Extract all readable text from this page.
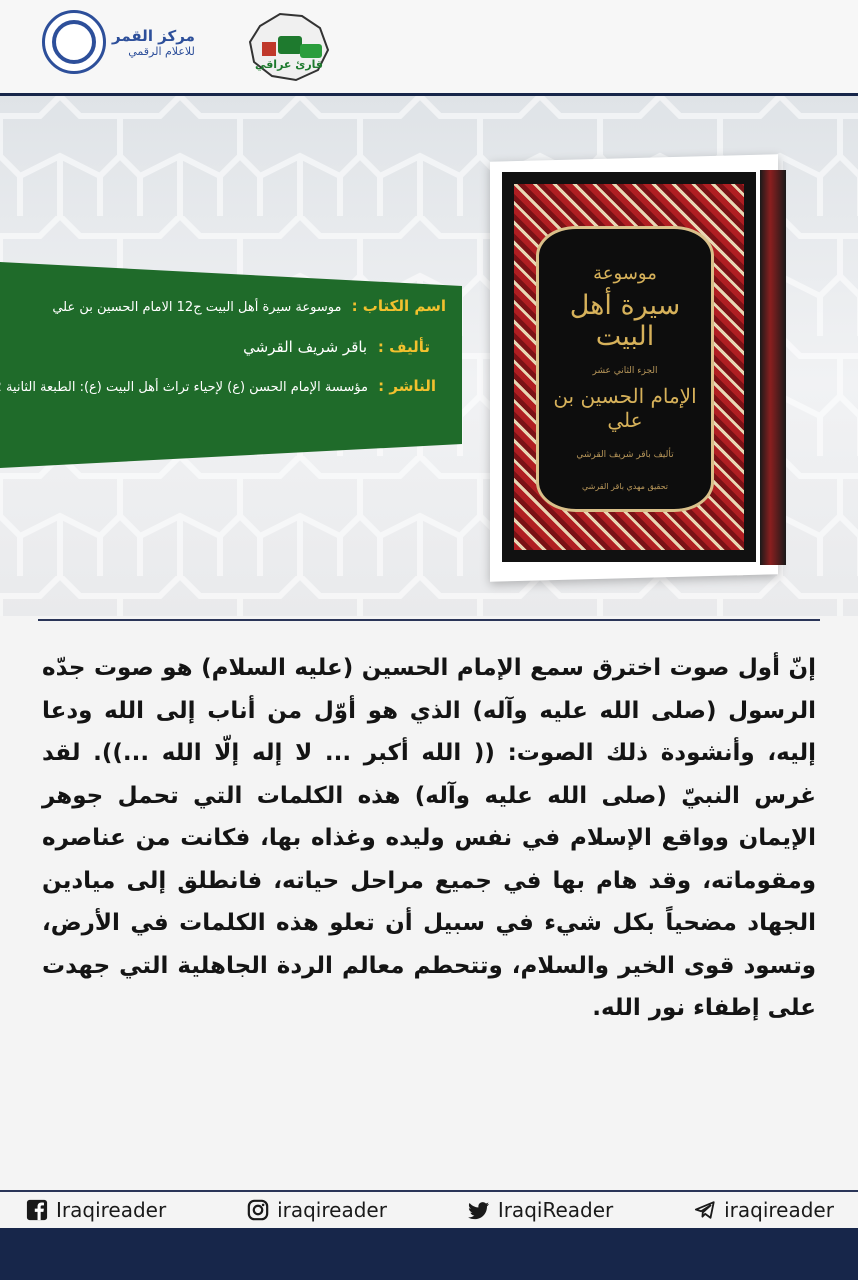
مركز القمر
للاعلام الرقمي
قارئ عراقي
اسم الكتاب : موسوعة سيرة أهل البيت ج12 الامام الحسين بن علي
تأليف : باقر شريف القرشي
الناشر : مؤسسة الإمام الحسن (ع) لإحياء تراث أهل البيت (ع): الطبعة الثانية
موسوعة
سيرة أهل البيت
الجزء الثاني عشر
الإمام الحسين بن علي
تأليف باقر شريف القرشي
تحقيق مهدي باقر القرشي
إنّ أول صوت اخترق سمع الإمام الحسين (عليه السلام) هو صوت جدّه الرسول (صلى الله عليه وآله) الذي هو أوّل من أناب إلى الله ودعا إليه، وأنشودة ذلك الصوت: (( الله أكبر ... لا إله إلّا الله ...)). لقد غرس النبيّ (صلى الله عليه وآله) هذه الكلمات التي تحمل جوهر الإيمان وواقع الإسلام في نفس وليده وغذاه بها، فكانت من عناصره ومقوماته، وقد هام بها في جميع مراحل حياته، فانطلق إلى ميادين الجهاد مضحياً بكل شيء في سبيل أن تعلو هذه الكلمات في الأرض، وتسود قوى الخير والسلام، وتتحطم معالم الردة الجاهلية التي جهدت على إطفاء نور الله.
Iraqireader	iraqireader	IraqiReader	iraqireader
